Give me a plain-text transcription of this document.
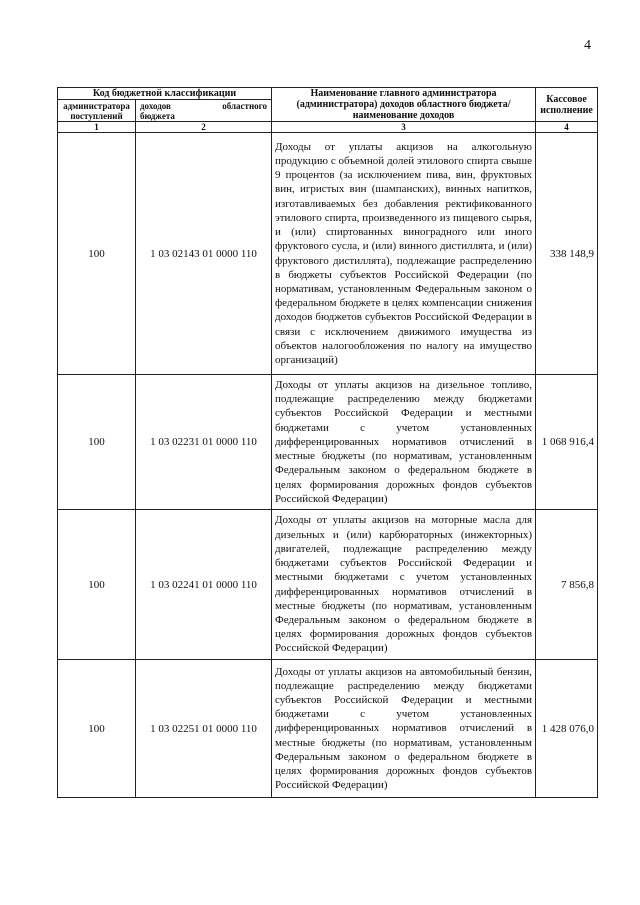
4
Код бюджетной классификации		Наименование главного администратора (администратора) доходов областного бюджета/ наименование доходов	Кассовое исполнение
администратора поступлений	доходов областного
бюджета		

1	2	3	4
100	1 03 02143 01 0000 110	Доходы от уплаты акцизов на алкогольную продукцию с объемной долей этилового спирта свыше 9 процентов (за исключением пива, вин, фруктовых вин, игристых вин (шампанских), винных напитков, изготавливаемых без добавления ректификованного этилового спирта, произведенного из пищевого сырья, и (или) спиртованных виноградного или иного фруктового сусла, и (или) винного дистиллята, и (или) фруктового дистиллята), подлежащие распределению в бюджеты субъектов Российской Федерации (по нормативам, установленным Федеральным законом о федеральном бюджете в целях компенсации снижения доходов бюджетов субъектов Российской Федерации в связи с исключением движимого имущества из объектов налогообложения по налогу на имущество организаций)	338 148,9
100	1 03 02231 01 0000 110	Доходы от уплаты акцизов на дизельное топливо, подлежащие распределению между бюджетами субъектов Российской Федерации и местными бюджетами с учетом установленных дифференцированных нормативов отчислений в местные бюджеты (по нормативам, установленным Федеральным законом о федеральном бюджете в целях формирования дорожных фондов субъектов Российской Федерации)	1 068 916,4
100	1 03 02241 01 0000 110	Доходы от уплаты акцизов на моторные масла для дизельных и (или) карбюраторных (инжекторных) двигателей, подлежащие распределению между бюджетами субъектов Российской Федерации и местными бюджетами с учетом установленных дифференцированных нормативов отчислений в местные бюджеты (по нормативам, установленным Федеральным законом о федеральном бюджете в целях формирования дорожных фондов субъектов Российской Федерации)	7 856,8
100	1 03 02251 01 0000 110	Доходы от уплаты акцизов на автомобильный бензин, подлежащие распределению между бюджетами субъектов Российской Федерации и местными бюджетами с учетом установленных дифференцированных нормативов отчислений в местные бюджеты (по нормативам, установленным Федеральным законом о федеральном бюджете в целях формирования дорожных фондов субъектов Российской Федерации)	1 428 076,0
